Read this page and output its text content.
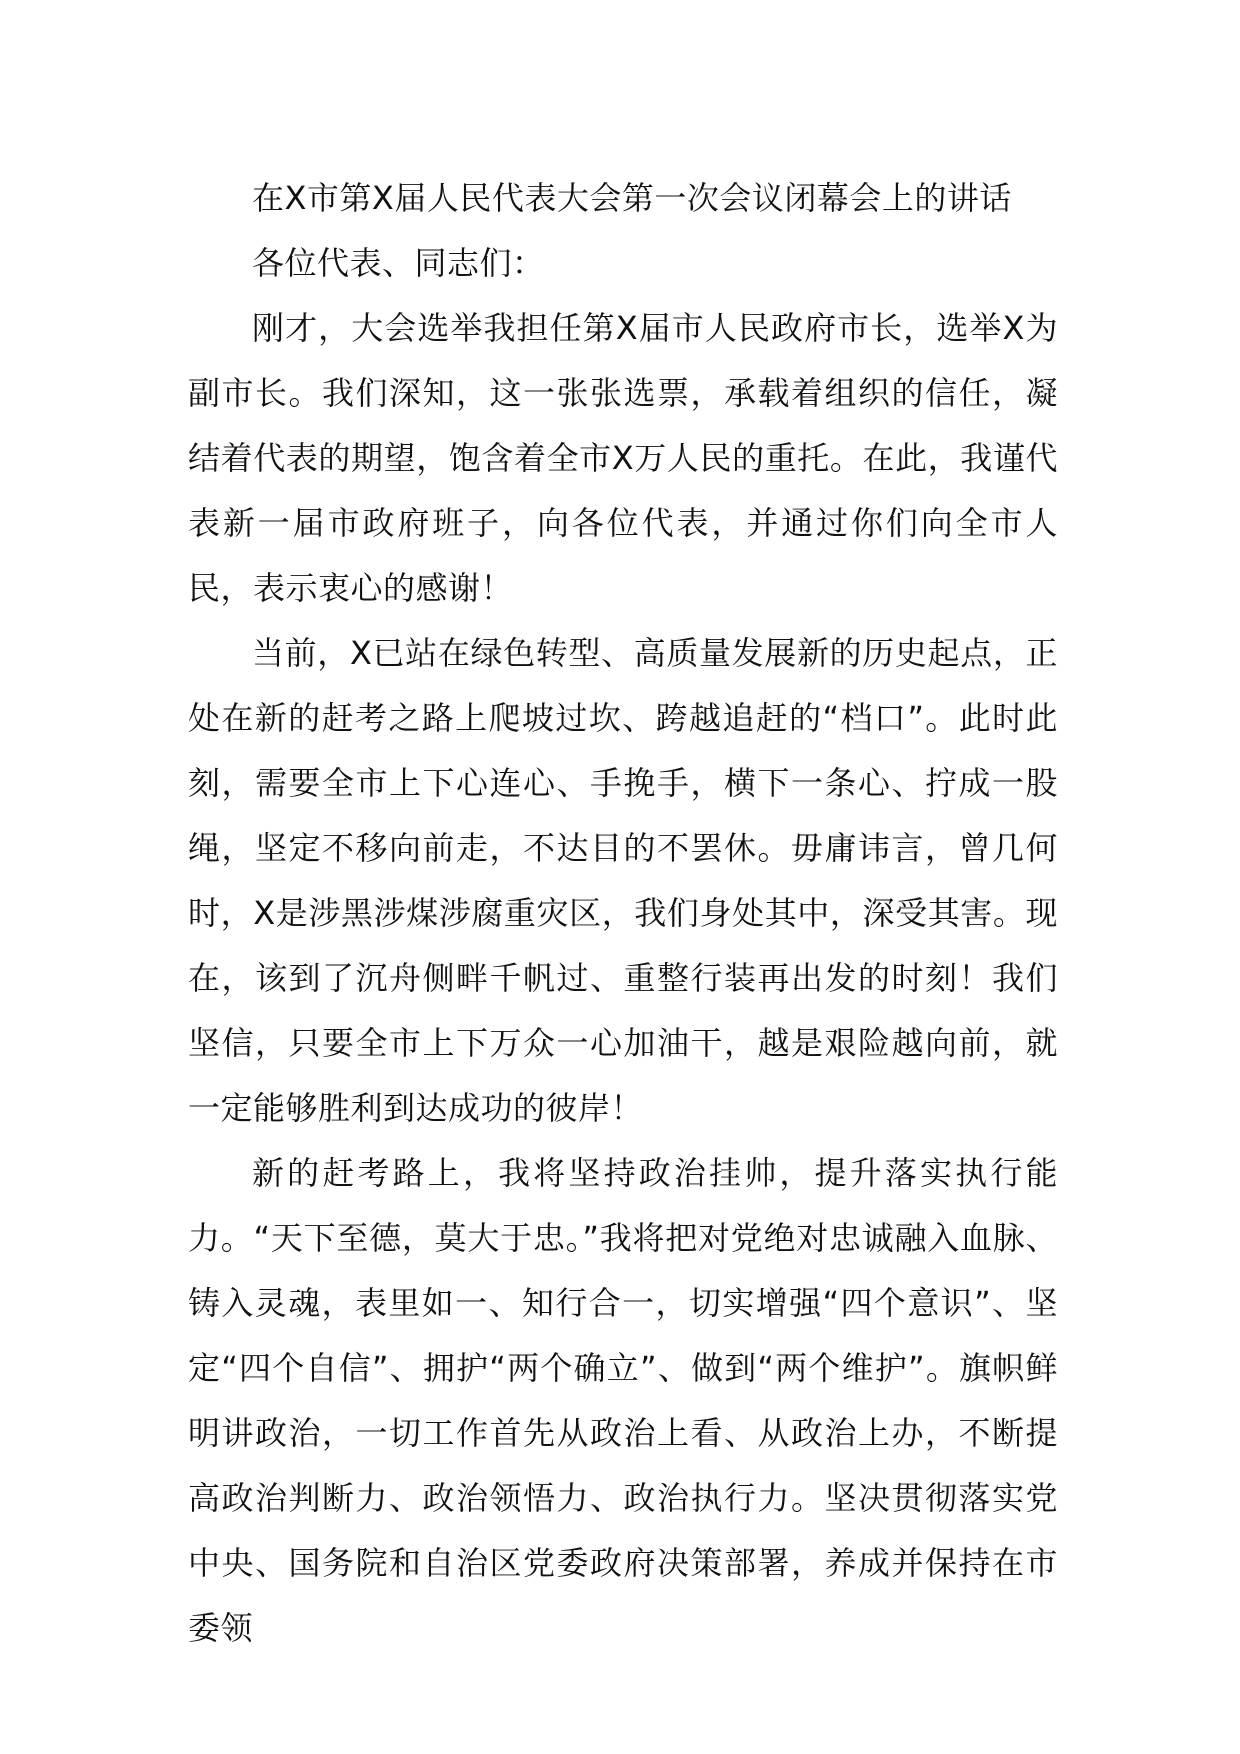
在X市第X届人民代表大会第一次会议闭幕会上的讲话

各位代表、同志们：

刚才，大会选举我担任第X届市人民政府市长，选举X为副市长。我们深知，这一张张选票，承载着组织的信任，凝结着代表的期望，饱含着全市X万人民的重托。在此，我谨代表新一届市政府班子，向各位代表，并通过你们向全市人民，表示衷心的感谢！

当前，X已站在绿色转型、高质量发展新的历史起点，正处在新的赶考之路上爬坡过坎、跨越追赶的“档口”。此时此刻，需要全市上下心连心、手挽手，横下一条心、拧成一股绳，坚定不移向前走，不达目的不罢休。毋庸讳言，曾几何时，X是涉黑涉煤涉腐重灾区，我们身处其中，深受其害。现在，该到了沉舟侧畔千帆过、重整行装再出发的时刻！我们坚信，只要全市上下万众一心加油干，越是艰险越向前，就一定能够胜利到达成功的彼岸！

新的赶考路上，我将坚持政治挂帅，提升落实执行能力。“天下至德，莫大于忠。”我将把对党绝对忠诚融入血脉、铸入灵魂，表里如一、知行合一，切实增强“四个意识”、坚定“四个自信”、拥护“两个确立”、做到“两个维护”。旗帜鲜明讲政治，一切工作首先从政治上看、从政治上办，不断提高政治判断力、政治领悟力、政治执行力。坚决贯彻落实党中央、国务院和自治区党委政府决策部署，养成并保持在市委领
